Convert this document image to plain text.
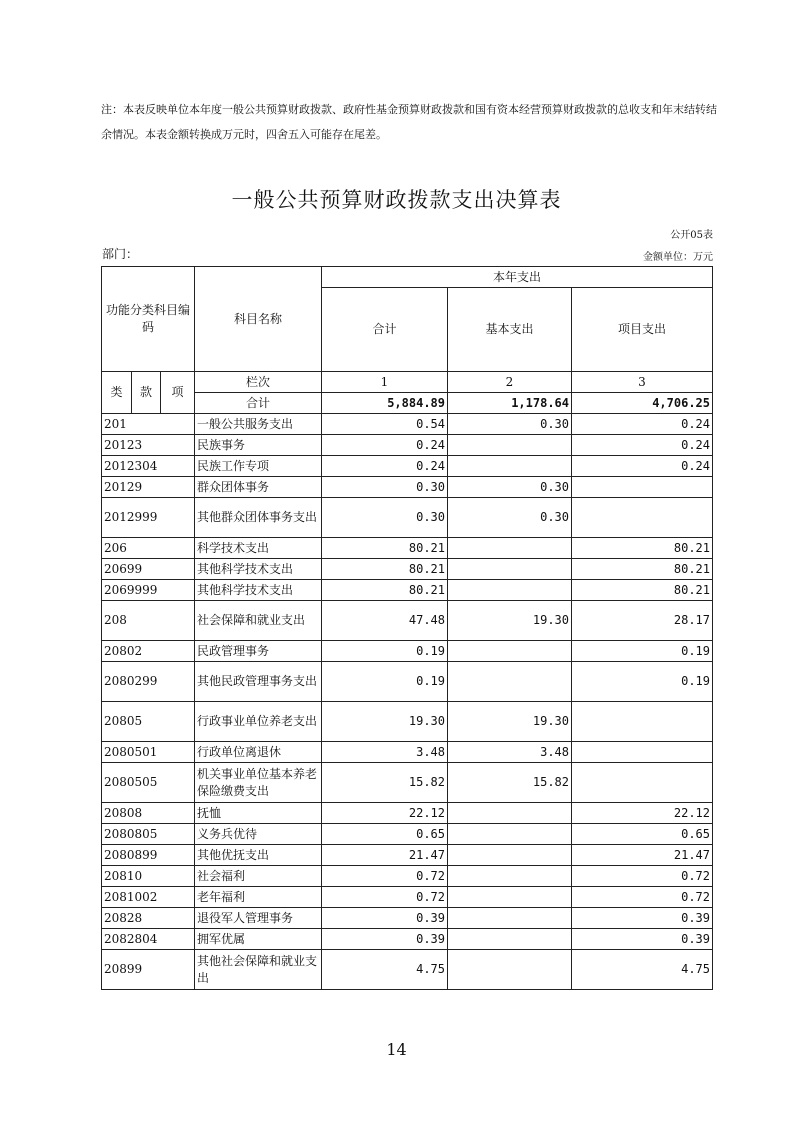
注：本表反映单位本年度一般公共预算财政拨款、政府性基金预算财政拨款和国有资本经营预算财政拨款的总收支和年末结转结余情况。本表金额转换成万元时，四舍五入可能存在尾差。
一般公共预算财政拨款支出决算表
公开05表
部门：	金额单位：万元
功能分类科目编码			科目名称	本年支出		
				合计	基本支出	项目支出
类	款	项	栏次	1	2	3
			合计	5,884.89	1,178.64	4,706.25
201			一般公共服务支出	0.54	0.30	0.24
20123			民族事务	0.24		0.24
2012304			民族工作专项	0.24		0.24
20129			群众团体事务	0.30	0.30	
2012999			其他群众团体事务支出	0.30	0.30	
206			科学技术支出	80.21		80.21
20699			其他科学技术支出	80.21		80.21
2069999			其他科学技术支出	80.21		80.21
208			社会保障和就业支出	47.48	19.30	28.17
20802			民政管理事务	0.19		0.19
2080299			其他民政管理事务支出	0.19		0.19
20805			行政事业单位养老支出	19.30	19.30	
2080501			行政单位离退休	3.48	3.48	
2080505			机关事业单位基本养老保险缴费支出	15.82	15.82	
20808			抚恤	22.12		22.12
2080805			义务兵优待	0.65		0.65
2080899			其他优抚支出	21.47		21.47
20810			社会福利	0.72		0.72
2081002			老年福利	0.72		0.72
20828			退役军人管理事务	0.39		0.39
2082804			拥军优属	0.39		0.39
20899			其他社会保障和就业支出	4.75		4.75
14
